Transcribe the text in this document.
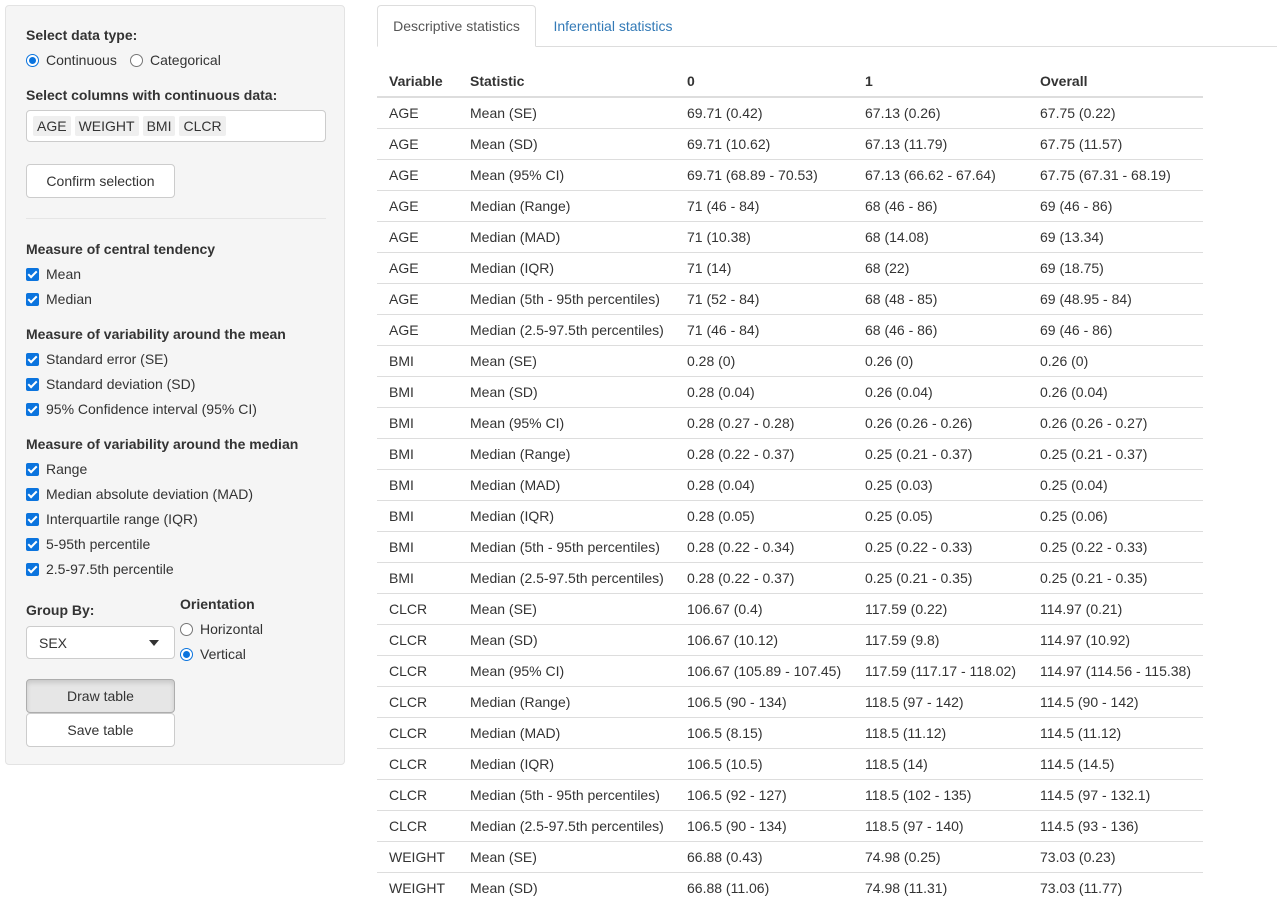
Select data type:
Continuous Categorical
Select columns with continuous data:
AGE WEIGHT BMI CLCR
Confirm selection
Measure of central tendency
Mean
Median
Measure of variability around the mean
Standard error (SE)
Standard deviation (SD)
95% Confidence interval (95% CI)
Measure of variability around the median
Range
Median absolute deviation (MAD)
Interquartile range (IQR)
5-95th percentile
2.5-97.5th percentile
Group By:
SEX
Orientation
Horizontal
Vertical
Draw table
Save table
Descriptive statistics	Inferential statistics
Variable	Statistic	0	1	Overall
AGE	Mean (SE)	69.71 (0.42)	67.13 (0.26)	67.75 (0.22)
AGE	Mean (SD)	69.71 (10.62)	67.13 (11.79)	67.75 (11.57)
AGE	Mean (95% CI)	69.71 (68.89 - 70.53)	67.13 (66.62 - 67.64)	67.75 (67.31 - 68.19)
AGE	Median (Range)	71 (46 - 84)	68 (46 - 86)	69 (46 - 86)
AGE	Median (MAD)	71 (10.38)	68 (14.08)	69 (13.34)
AGE	Median (IQR)	71 (14)	68 (22)	69 (18.75)
AGE	Median (5th - 95th percentiles)	71 (52 - 84)	68 (48 - 85)	69 (48.95 - 84)
AGE	Median (2.5-97.5th percentiles)	71 (46 - 84)	68 (46 - 86)	69 (46 - 86)
BMI	Mean (SE)	0.28 (0)	0.26 (0)	0.26 (0)
BMI	Mean (SD)	0.28 (0.04)	0.26 (0.04)	0.26 (0.04)
BMI	Mean (95% CI)	0.28 (0.27 - 0.28)	0.26 (0.26 - 0.26)	0.26 (0.26 - 0.27)
BMI	Median (Range)	0.28 (0.22 - 0.37)	0.25 (0.21 - 0.37)	0.25 (0.21 - 0.37)
BMI	Median (MAD)	0.28 (0.04)	0.25 (0.03)	0.25 (0.04)
BMI	Median (IQR)	0.28 (0.05)	0.25 (0.05)	0.25 (0.06)
BMI	Median (5th - 95th percentiles)	0.28 (0.22 - 0.34)	0.25 (0.22 - 0.33)	0.25 (0.22 - 0.33)
BMI	Median (2.5-97.5th percentiles)	0.28 (0.22 - 0.37)	0.25 (0.21 - 0.35)	0.25 (0.21 - 0.35)
CLCR	Mean (SE)	106.67 (0.4)	117.59 (0.22)	114.97 (0.21)
CLCR	Mean (SD)	106.67 (10.12)	117.59 (9.8)	114.97 (10.92)
CLCR	Mean (95% CI)	106.67 (105.89 - 107.45)	117.59 (117.17 - 118.02)	114.97 (114.56 - 115.38)
CLCR	Median (Range)	106.5 (90 - 134)	118.5 (97 - 142)	114.5 (90 - 142)
CLCR	Median (MAD)	106.5 (8.15)	118.5 (11.12)	114.5 (11.12)
CLCR	Median (IQR)	106.5 (10.5)	118.5 (14)	114.5 (14.5)
CLCR	Median (5th - 95th percentiles)	106.5 (92 - 127)	118.5 (102 - 135)	114.5 (97 - 132.1)
CLCR	Median (2.5-97.5th percentiles)	106.5 (90 - 134)	118.5 (97 - 140)	114.5 (93 - 136)
WEIGHT	Mean (SE)	66.88 (0.43)	74.98 (0.25)	73.03 (0.23)
WEIGHT	Mean (SD)	66.88 (11.06)	74.98 (11.31)	73.03 (11.77)
